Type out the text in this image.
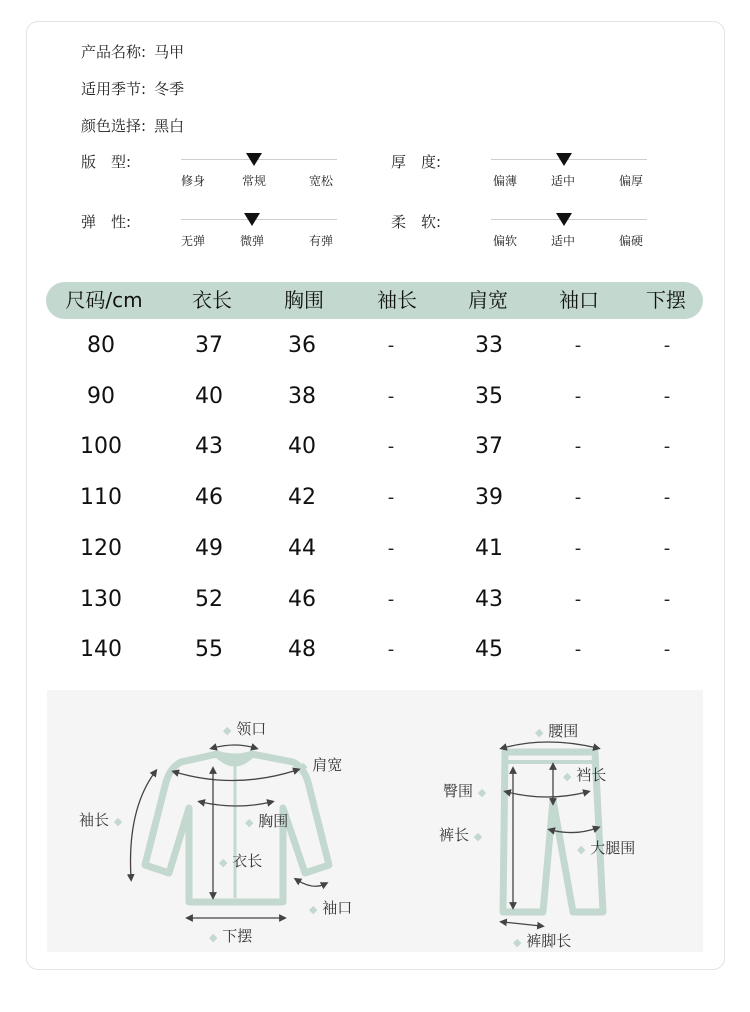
产品名称: 马甲
适用季节: 冬季
颜色选择: 黑白
版　型:
修身	常规	宽松
厚　度:
偏薄	适中	偏厚
弹　性:
无弹	微弹	有弹
柔　软:
偏软	适中	偏硬
尺码/cm 衣长	胸围	袖长	肩宽	袖口 下摆
80	37	36	-	33	-	-
90	40	38	-	35	-	-
100	43	40	-	37	-	-
110	46	42	-	39	-	-
120	49	44	-	41	-	-
130	52	46	-	43	-	-
140	55	48	-	45	-	-
◆ 领口
◆ 肩宽
袖长 ◆	◆ 胸围
◆ 衣长
◆ 袖口
◆ 下摆
◆ 腰围
◆ 裆长
臀围 ◆
裤长 ◆
◆ 大腿围
◆ 裤脚长
